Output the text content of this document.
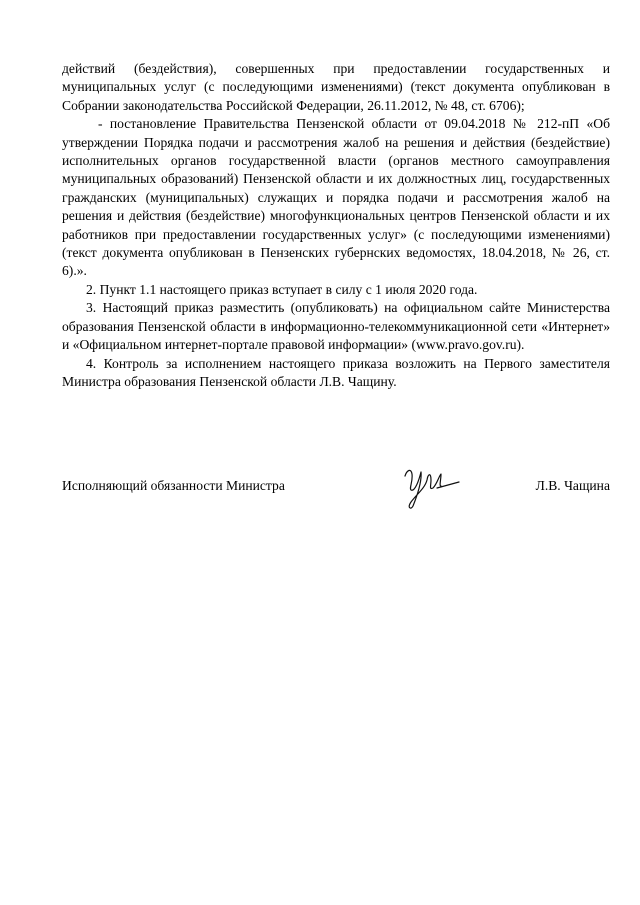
действий (бездействия), совершенных при предоставлении государственных и муниципальных услуг (с последующими изменениями) (текст документа опубликован в Собрании законодательства Российской Федерации, 26.11.2012, № 48, ст. 6706);

- постановление Правительства Пензенской области от 09.04.2018 № 212-пП «Об утверждении Порядка подачи и рассмотрения жалоб на решения и действия (бездействие) исполнительных органов государственной власти (органов местного самоуправления муниципальных образований) Пензенской области и их должностных лиц, государственных гражданских (муниципальных) служащих и порядка подачи и рассмотрения жалоб на решения и действия (бездействие) многофункциональных центров Пензенской области и их работников при предоставлении государственных услуг» (с последующими изменениями) (текст документа опубликован в Пензенских губернских ведомостях, 18.04.2018, № 26, ст. 6).».

2. Пункт 1.1 настоящего приказ вступает в силу с 1 июля 2020 года.

3. Настоящий приказ разместить (опубликовать) на официальном сайте Министерства образования Пензенской области в информационно-телекоммуникационной сети «Интернет» и «Официальном интернет-портале правовой информации» (www.pravo.gov.ru).

4. Контроль за исполнением настоящего приказа возложить на Первого заместителя Министра образования Пензенской области Л.В. Чащину.

Исполняющий обязанности Министра	Л.В. Чащина
